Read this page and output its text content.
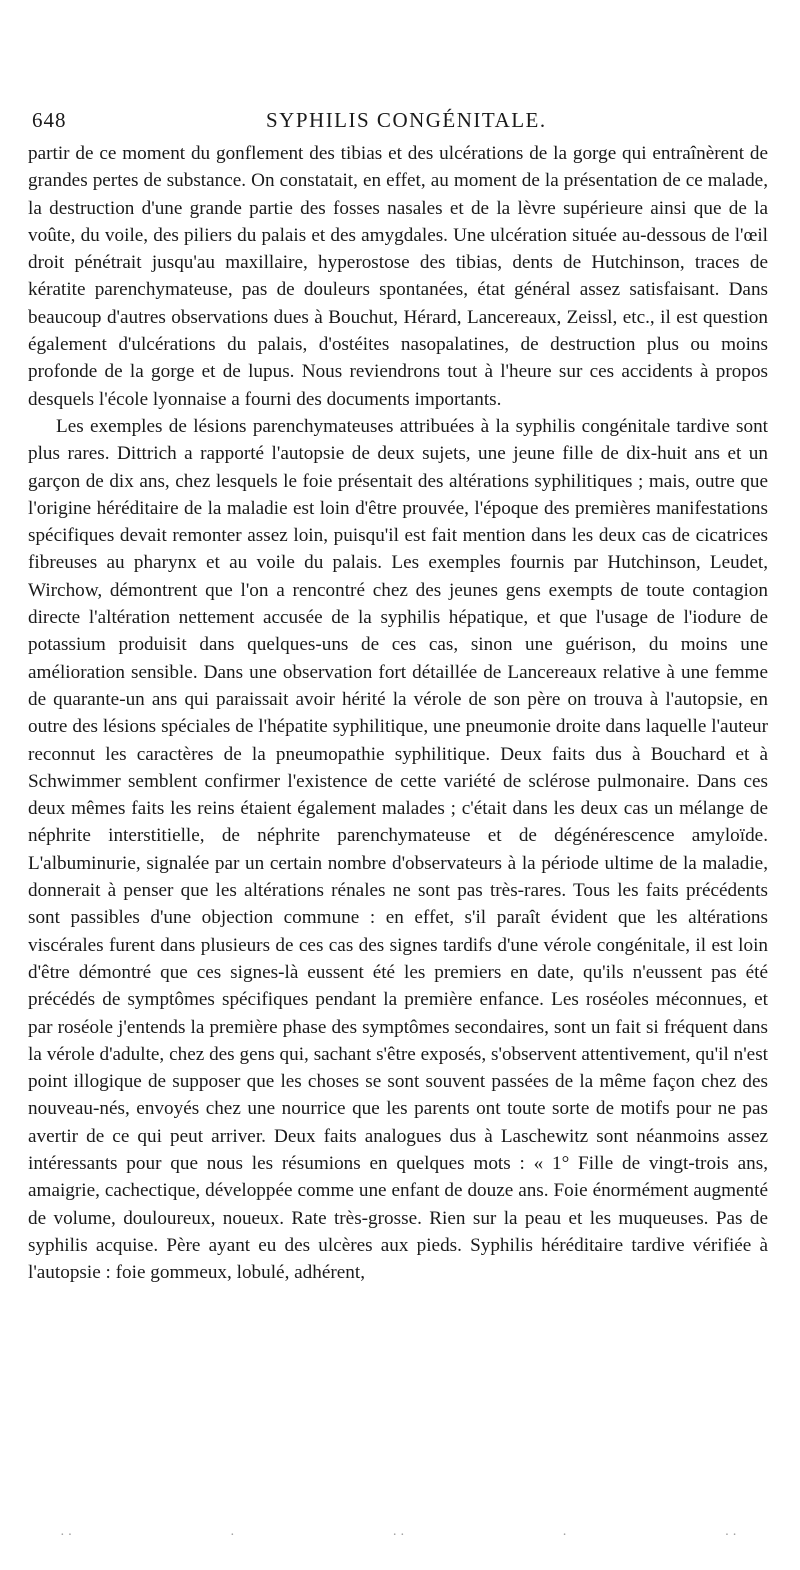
648	SYPHILIS CONGÉNITALE.

partir de ce moment du gonflement des tibias et des ulcérations de la gorge qui entraînèrent de grandes pertes de substance. On constatait, en effet, au moment de la présentation de ce malade, la destruction d'une grande partie des fosses nasales et de la lèvre supérieure ainsi que de la voûte, du voile, des piliers du palais et des amygdales. Une ulcération située au-dessous de l'œil droit pénétrait jusqu'au maxillaire, hyperostose des tibias, dents de Hutchinson, traces de kératite parenchymateuse, pas de douleurs spontanées, état général assez satisfaisant. Dans beaucoup d'autres observations dues à Bouchut, Hérard, Lancereaux, Zeissl, etc., il est question également d'ulcérations du palais, d'ostéites nasopalatines, de destruction plus ou moins profonde de la gorge et de lupus. Nous reviendrons tout à l'heure sur ces accidents à propos desquels l'école lyonnaise a fourni des documents importants.

Les exemples de lésions parenchymateuses attribuées à la syphilis congénitale tardive sont plus rares. Dittrich a rapporté l'autopsie de deux sujets, une jeune fille de dix-huit ans et un garçon de dix ans, chez lesquels le foie présentait des altérations syphilitiques ; mais, outre que l'origine héréditaire de la maladie est loin d'être prouvée, l'époque des premières manifestations spécifiques devait remonter assez loin, puisqu'il est fait mention dans les deux cas de cicatrices fibreuses au pharynx et au voile du palais. Les exemples fournis par Hutchinson, Leudet, Wirchow, démontrent que l'on a rencontré chez des jeunes gens exempts de toute contagion directe l'altération nettement accusée de la syphilis hépatique, et que l'usage de l'iodure de potassium produisit dans quelques-uns de ces cas, sinon une guérison, du moins une amélioration sensible. Dans une observation fort détaillée de Lancereaux relative à une femme de quarante-un ans qui paraissait avoir hérité la vérole de son père on trouva à l'autopsie, en outre des lésions spéciales de l'hépatite syphilitique, une pneumonie droite dans laquelle l'auteur reconnut les caractères de la pneumopathie syphilitique. Deux faits dus à Bouchard et à Schwimmer semblent confirmer l'existence de cette variété de sclérose pulmonaire. Dans ces deux mêmes faits les reins étaient également malades ; c'était dans les deux cas un mélange de néphrite interstitielle, de néphrite parenchymateuse et de dégénérescence amyloïde. L'albuminurie, signalée par un certain nombre d'observateurs à la période ultime de la maladie, donnerait à penser que les altérations rénales ne sont pas très-rares. Tous les faits précédents sont passibles d'une objection commune : en effet, s'il paraît évident que les altérations viscérales furent dans plusieurs de ces cas des signes tardifs d'une vérole congénitale, il est loin d'être démontré que ces signes-là eussent été les premiers en date, qu'ils n'eussent pas été précédés de symptômes spécifiques pendant la première enfance. Les roséoles méconnues, et par roséole j'entends la première phase des symptômes secondaires, sont un fait si fréquent dans la vérole d'adulte, chez des gens qui, sachant s'être exposés, s'observent attentivement, qu'il n'est point illogique de supposer que les choses se sont souvent passées de la même façon chez des nouveau-nés, envoyés chez une nourrice que les parents ont toute sorte de motifs pour ne pas avertir de ce qui peut arriver. Deux faits analogues dus à Laschewitz sont néanmoins assez intéressants pour que nous les résumions en quelques mots : « 1° Fille de vingt-trois ans, amaigrie, cachectique, développée comme une enfant de douze ans. Foie énormément augmenté de volume, douloureux, noueux. Rate très-grosse. Rien sur la peau et les muqueuses. Pas de syphilis acquise. Père ayant eu des ulcères aux pieds. Syphilis héréditaire tardive vérifiée à l'autopsie : foie gommeux, lobulé, adhérent,

··	·	··	·	··
